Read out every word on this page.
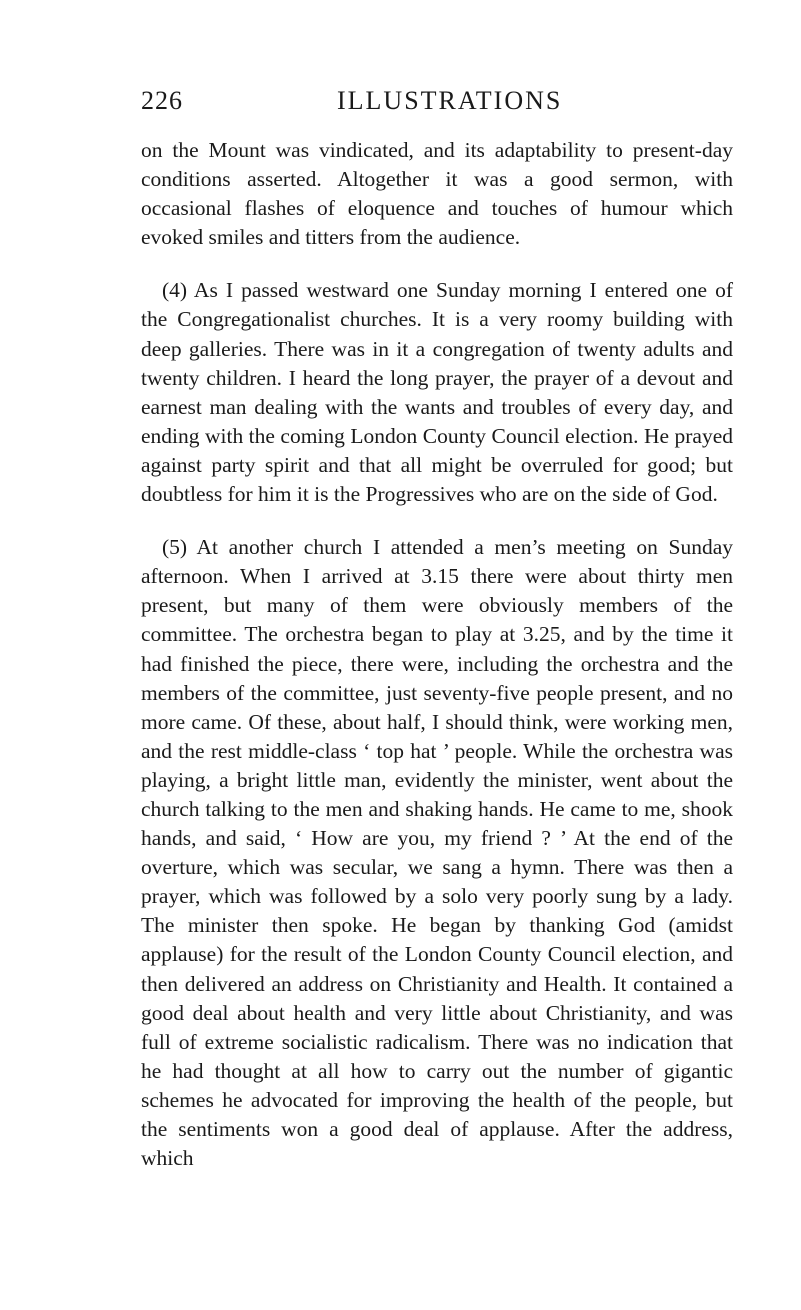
226	ILLUSTRATIONS

on the Mount was vindicated, and its adaptability to present-day conditions asserted. Altogether it was a good sermon, with occasional flashes of eloquence and touches of humour which evoked smiles and titters from the audience.

(4) As I passed westward one Sunday morning I entered one of the Congregationalist churches. It is a very roomy building with deep galleries. There was in it a congregation of twenty adults and twenty children. I heard the long prayer, the prayer of a devout and earnest man dealing with the wants and troubles of every day, and ending with the coming London County Council election. He prayed against party spirit and that all might be overruled for good; but doubtless for him it is the Progressives who are on the side of God.

(5) At another church I attended a men’s meeting on Sunday afternoon. When I arrived at 3.15 there were about thirty men present, but many of them were obviously members of the committee. The orchestra began to play at 3.25, and by the time it had finished the piece, there were, including the orchestra and the members of the committee, just seventy-five people present, and no more came. Of these, about half, I should think, were working men, and the rest middle-class ‘ top hat ’ people. While the orchestra was playing, a bright little man, evidently the minister, went about the church talking to the men and shaking hands. He came to me, shook hands, and said, ‘ How are you, my friend ? ’ At the end of the overture, which was secular, we sang a hymn. There was then a prayer, which was followed by a solo very poorly sung by a lady. The minister then spoke. He began by thanking God (amidst applause) for the result of the London County Council election, and then delivered an address on Christianity and Health. It contained a good deal about health and very little about Christianity, and was full of extreme socialistic radicalism. There was no indication that he had thought at all how to carry out the number of gigantic schemes he advocated for improving the health of the people, but the sentiments won a good deal of applause. After the address, which
